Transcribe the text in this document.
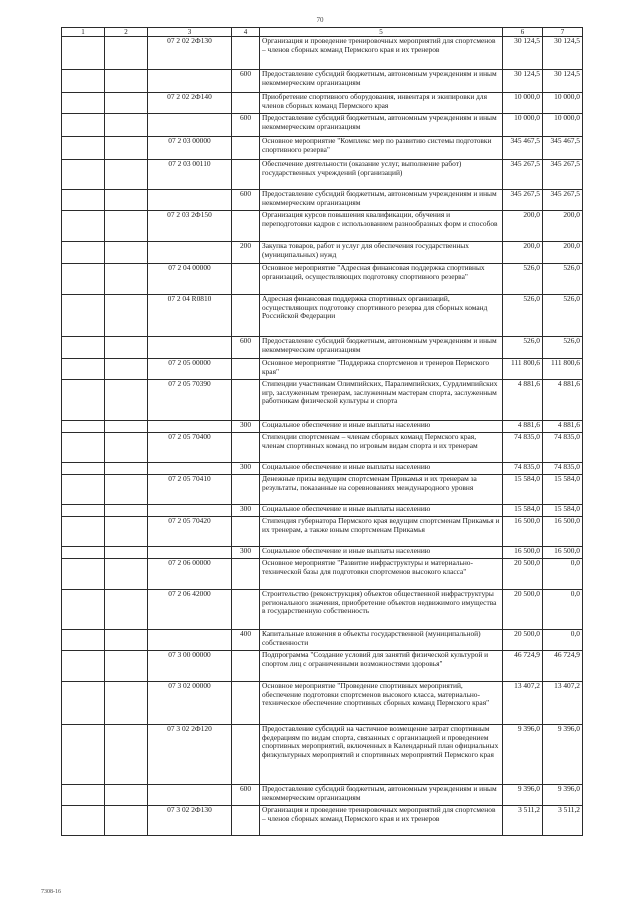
70
1	2	3	4	5	6	7
		07 2 02 2Ф130		Организация и проведение тренировочных мероприятий для спортсменов – членов сборных команд Пермского края и их тренеров	30 124,5	30 124,5
			600	Предоставление субсидий бюджетным, автономным учреждениям и иным некоммерческим организациям	30 124,5	30 124,5
		07 2 02 2Ф140		Приобретение спортивного оборудования, инвентаря и экипировки для членов сборных команд Пермского края	10 000,0	10 000,0
			600	Предоставление субсидий бюджетным, автономным учреждениям и иным некоммерческим организациям	10 000,0	10 000,0
		07 2 03 00000		Основное мероприятие "Комплекс мер по развитию системы подготовки спортивного резерва"	345 467,5	345 467,5
		07 2 03 00110		Обеспечение деятельности (оказание услуг, выполнение работ) государственных учреждений (организаций)	345 267,5	345 267,5
			600	Предоставление субсидий бюджетным, автономным учреждениям и иным некоммерческим организациям	345 267,5	345 267,5
		07 2 03 2Ф150		Организация курсов повышения квалификации, обучения и переподготовки кадров с использованием разнообразных форм и способов	200,0	200,0
			200	Закупка товаров, работ и услуг для обеспечения государственных (муниципальных) нужд	200,0	200,0
		07 2 04 00000		Основное мероприятие "Адресная финансовая поддержка спортивных организаций, осуществляющих подготовку спортивного резерва"	526,0	526,0
		07 2 04 R0810		Адресная финансовая поддержка спортивных организаций, осуществляющих подготовку спортивного резерва для сборных команд Российской Федерации	526,0	526,0
			600	Предоставление субсидий бюджетным, автономным учреждениям и иным некоммерческим организациям	526,0	526,0
		07 2 05 00000		Основное мероприятие "Поддержка спортсменов и тренеров Пермского края"	111 800,6	111 800,6
		07 2 05 70390		Стипендии участникам Олимпийских, Паралимпийских, Сурдлимпийских игр, заслуженным тренерам, заслуженным мастерам спорта, заслуженным работникам физической культуры и спорта	4 881,6	4 881,6
			300	Социальное обеспечение и иные выплаты населению	4 881,6	4 881,6
		07 2 05 70400		Стипендии спортсменам – членам сборных команд Пермского края, членам спортивных команд по игровым видам спорта и их тренерам	74 835,0	74 835,0
			300	Социальное обеспечение и иные выплаты населению	74 835,0	74 835,0
		07 2 05 70410		Денежные призы ведущим спортсменам Прикамья и их тренерам за результаты, показанные на соревнованиях международного уровня	15 584,0	15 584,0
			300	Социальное обеспечение и иные выплаты населению	15 584,0	15 584,0
		07 2 05 70420		Стипендия губернатора Пермского края ведущим спортсменам Прикамья и их тренерам, а также юным спортсменам Прикамья	16 500,0	16 500,0
			300	Социальное обеспечение и иные выплаты населению	16 500,0	16 500,0
		07 2 06 00000		Основное мероприятие "Развитие инфраструктуры и материально-технической базы для подготовки спортсменов высокого класса"	20 500,0	0,0
		07 2 06 42000		Строительство (реконструкция) объектов общественной инфраструктуры регионального значения, приобретение объектов недвижимого имущества в государственную собственность	20 500,0	0,0
			400	Капитальные вложения в объекты государственной (муниципальной) собственности	20 500,0	0,0
		07 3 00 00000		Подпрограмма "Создание условий для занятий физической культурой и спортом лиц с ограниченными возможностями здоровья"	46 724,9	46 724,9
		07 3 02 00000		Основное мероприятие "Проведение спортивных мероприятий, обеспечение подготовки спортсменов высокого класса, материально-техническое обеспечение спортивных сборных команд Пермского края"	13 407,2	13 407,2
		07 3 02 2Ф120		Предоставление субсидий на частичное возмещение затрат спортивным федерациям по видам спорта, связанных с организацией и проведением спортивных мероприятий, включенных в Календарный план официальных физкультурных мероприятий и спортивных мероприятий Пермского края	9 396,0	9 396,0
			600	Предоставление субсидий бюджетным, автономным учреждениям и иным некоммерческим организациям	9 396,0	9 396,0
		07 3 02 2Ф130		Организация и проведение тренировочных мероприятий для спортсменов – членов сборных команд Пермского края и их тренеров	3 511,2	3 511,2
7308-16
